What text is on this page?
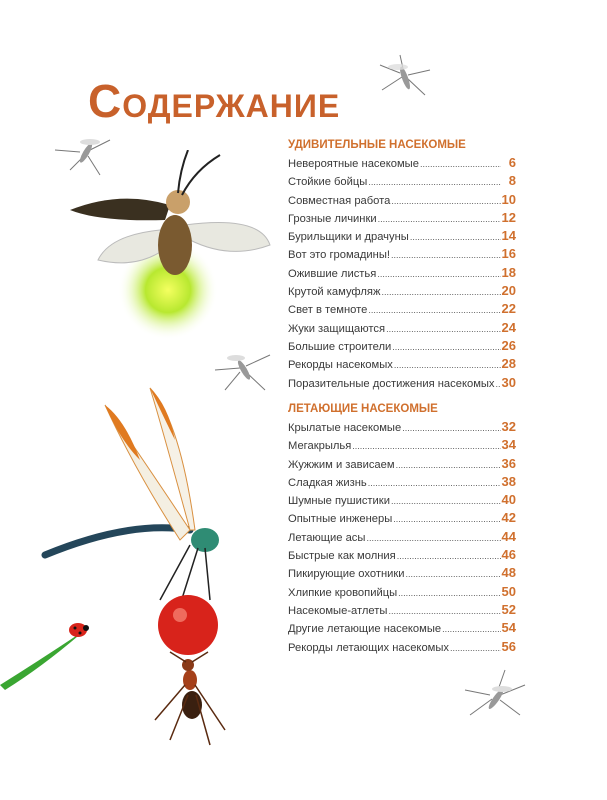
Содержание
УДИВИТЕЛЬНЫЕ НАСЕКОМЫЕ
Невероятные насекомые .....	6
Стойкие бойцы .....	8
Совместная работа .....	10
Грозные личинки .....	12
Бурильщики и драчуны .....	14
Вот это громадины! .....	16
Ожившие листья .....	18
Крутой камуфляж .....	20
Свет в темноте .....	22
Жуки защищаются .....	24
Большие строители .....	26
Рекорды насекомых .....	28
Поразительные достижения насекомых ..... 30
ЛЕТАЮЩИЕ НАСЕКОМЫЕ
Крылатые насекомые .....	32
Мегакрылья .....	34
Жужжим и зависаем .....	36
Сладкая жизнь .....	38
Шумные пушистики .....	40
Опытные инженеры .....	42
Летающие асы .....	44
Быстрые как молния .....	46
Пикирующие охотники .....	48
Хлипкие кровопийцы .....	50
Насекомые-атлеты .....	52
Другие летающие насекомые .....	54
Рекорды летающих насекомых .....	56
